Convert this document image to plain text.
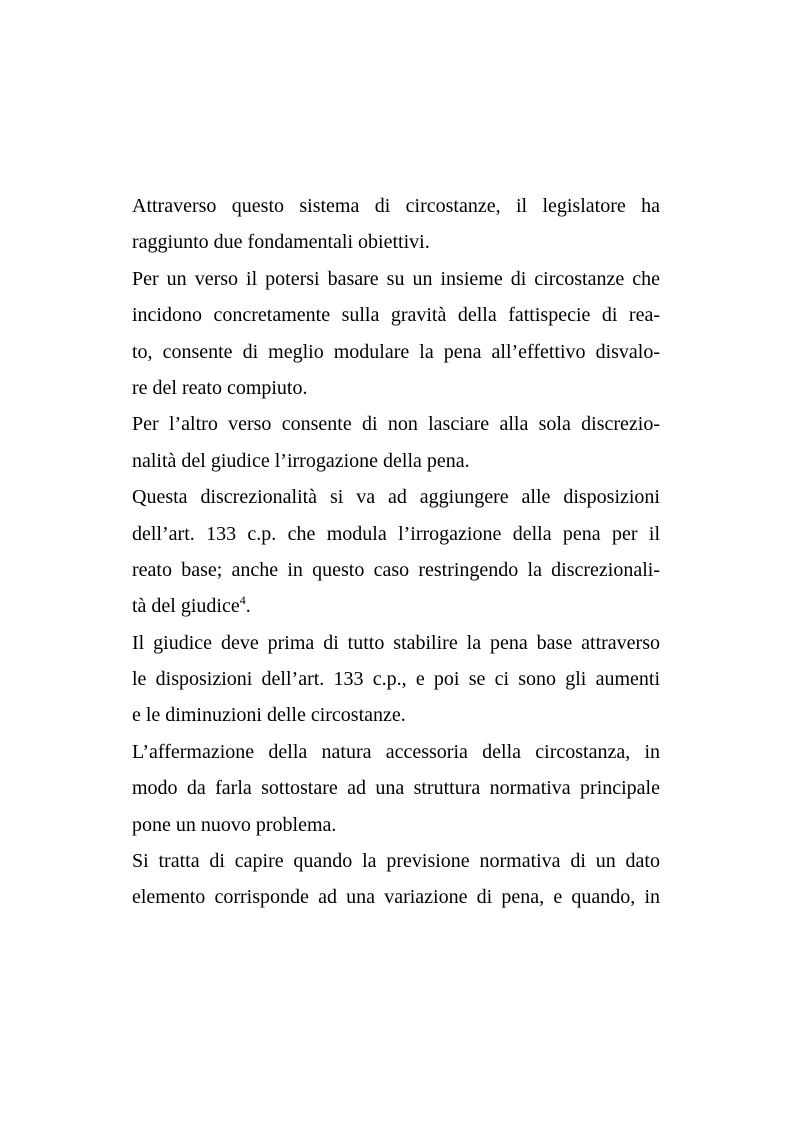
Attraverso questo sistema di circostanze, il legislatore ha
raggiunto due fondamentali obiettivi.
Per un verso il potersi basare su un insieme di circostanze che
incidono concretamente sulla gravità della fattispecie di rea-
to, consente di meglio modulare la pena all’effettivo disvalo-
re del reato compiuto.
Per l’altro verso consente di non lasciare alla sola discrezio-
nalità del giudice l’irrogazione della pena.
Questa discrezionalità si va ad aggiungere alle disposizioni
dell’art. 133 c.p. che modula l’irrogazione della pena per il
reato base; anche in questo caso restringendo la discrezionali-
tà del giudice$^4$.
Il giudice deve prima di tutto stabilire la pena base attraverso
le disposizioni dell’art. 133 c.p., e poi se ci sono gli aumenti
e le diminuzioni delle circostanze.
L’affermazione della natura accessoria della circostanza, in
modo da farla sottostare ad una struttura normativa principale
pone un nuovo problema.
Si tratta di capire quando la previsione normativa di un dato
elemento corrisponde ad una variazione di pena, e quando, in
